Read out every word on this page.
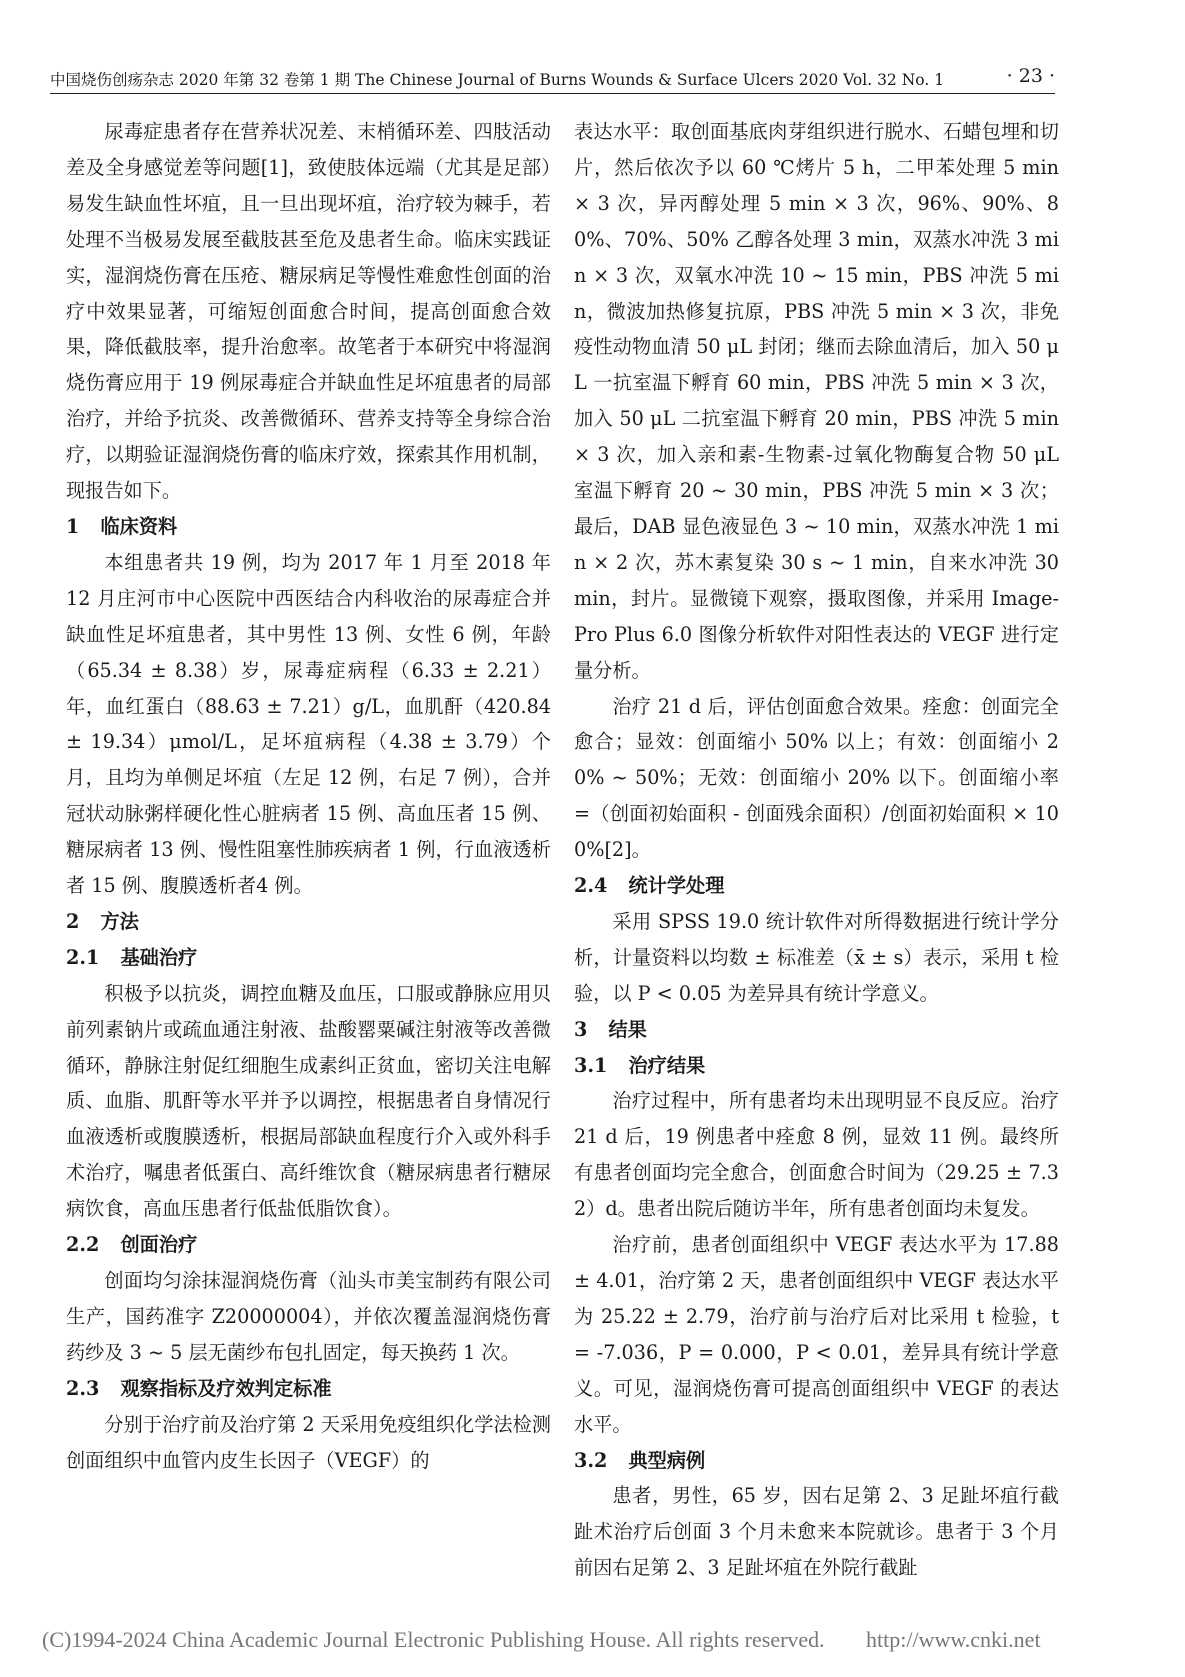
中国烧伤创疡杂志 2020 年第 32 卷第 1 期 The Chinese Journal of Burns Wounds & Surface Ulcers 2020 Vol. 32 No. 1	· 23 ·

尿毒症患者存在营养状况差、末梢循环差、四肢活动差及全身感觉差等问题[1]，致使肢体远端（尤其是足部）易发生缺血性坏疽，且一旦出现坏疽，治疗较为棘手，若处理不当极易发展至截肢甚至危及患者生命。临床实践证实，湿润烧伤膏在压疮、糖尿病足等慢性难愈性创面的治疗中效果显著，可缩短创面愈合时间，提高创面愈合效果，降低截肢率，提升治愈率。故笔者于本研究中将湿润烧伤膏应用于 19 例尿毒症合并缺血性足坏疽患者的局部治疗，并给予抗炎、改善微循环、营养支持等全身综合治疗，以期验证湿润烧伤膏的临床疗效，探索其作用机制，现报告如下。

1 临床资料

本组患者共 19 例，均为 2017 年 1 月至 2018 年 12 月庄河市中心医院中西医结合内科收治的尿毒症合并缺血性足坏疽患者，其中男性 13 例、女性 6 例，年龄（65.34 ± 8.38）岁，尿毒症病程（6.33 ± 2.21）年，血红蛋白（88.63 ± 7.21）g/L，血肌酐（420.84 ± 19.34）μmol/L，足坏疽病程（4.38 ± 3.79）个月，且均为单侧足坏疽（左足 12 例，右足 7 例），合并冠状动脉粥样硬化性心脏病者 15 例、高血压者 15 例、糖尿病者 13 例、慢性阻塞性肺疾病者 1 例，行血液透析者 15 例、腹膜透析者4 例。

2 方法
2.1 基础治疗

积极予以抗炎，调控血糖及血压，口服或静脉应用贝前列素钠片或疏血通注射液、盐酸罂粟碱注射液等改善微循环，静脉注射促红细胞生成素纠正贫血，密切关注电解质、血脂、肌酐等水平并予以调控，根据患者自身情况行血液透析或腹膜透析，根据局部缺血程度行介入或外科手术治疗，嘱患者低蛋白、高纤维饮食（糖尿病患者行糖尿病饮食，高血压患者行低盐低脂饮食）。

2.2 创面治疗

创面均匀涂抹湿润烧伤膏（汕头市美宝制药有限公司生产，国药准字 Z20000004），并依次覆盖湿润烧伤膏药纱及 3 ~ 5 层无菌纱布包扎固定，每天换药 1 次。

2.3 观察指标及疗效判定标准

分别于治疗前及治疗第 2 天采用免疫组织化学法检测创面组织中血管内皮生长因子（VEGF）的

表达水平：取创面基底肉芽组织进行脱水、石蜡包埋和切片，然后依次予以 60 ℃烤片 5 h，二甲苯处理 5 min × 3 次，异丙醇处理 5 min × 3 次，96%、90%、80%、70%、50% 乙醇各处理 3 min，双蒸水冲洗 3 min × 3 次，双氧水冲洗 10 ~ 15 min，PBS 冲洗 5 min，微波加热修复抗原，PBS 冲洗 5 min × 3 次，非免疫性动物血清 50 μL 封闭；继而去除血清后，加入 50 μL 一抗室温下孵育 60 min，PBS 冲洗 5 min × 3 次，加入 50 μL 二抗室温下孵育 20 min，PBS 冲洗 5 min × 3 次，加入亲和素-生物素-过氧化物酶复合物 50 μL 室温下孵育 20 ~ 30 min，PBS 冲洗 5 min × 3 次；最后，DAB 显色液显色 3 ~ 10 min，双蒸水冲洗 1 min × 2 次，苏木素复染 30 s ~ 1 min，自来水冲洗 30 min，封片。显微镜下观察，摄取图像，并采用 Image-Pro Plus 6.0 图像分析软件对阳性表达的 VEGF 进行定量分析。

治疗 21 d 后，评估创面愈合效果。痊愈：创面完全愈合；显效：创面缩小 50% 以上；有效：创面缩小 20% ~ 50%；无效：创面缩小 20% 以下。创面缩小率 =（创面初始面积 - 创面残余面积）/创面初始面积 × 100%[2]。

2.4 统计学处理

采用 SPSS 19.0 统计软件对所得数据进行统计学分析，计量资料以均数 ± 标准差（x̄ ± s）表示，采用 t 检验，以 P < 0.05 为差异具有统计学意义。

3 结果
3.1 治疗结果

治疗过程中，所有患者均未出现明显不良反应。治疗 21 d 后，19 例患者中痊愈 8 例，显效 11 例。最终所有患者创面均完全愈合，创面愈合时间为（29.25 ± 7.32）d。患者出院后随访半年，所有患者创面均未复发。

治疗前，患者创面组织中 VEGF 表达水平为 17.88 ± 4.01，治疗第 2 天，患者创面组织中 VEGF 表达水平为 25.22 ± 2.79，治疗前与治疗后对比采用 t 检验，t = -7.036，P = 0.000，P < 0.01，差异具有统计学意义。可见，湿润烧伤膏可提高创面组织中 VEGF 的表达水平。

3.2 典型病例

患者，男性，65 岁，因右足第 2、3 足趾坏疽行截趾术治疗后创面 3 个月未愈来本院就诊。患者于 3 个月前因右足第 2、3 足趾坏疽在外院行截趾

(C)1994-2024 China Academic Journal Electronic Publishing House. All rights reserved. http://www.cnki.net
